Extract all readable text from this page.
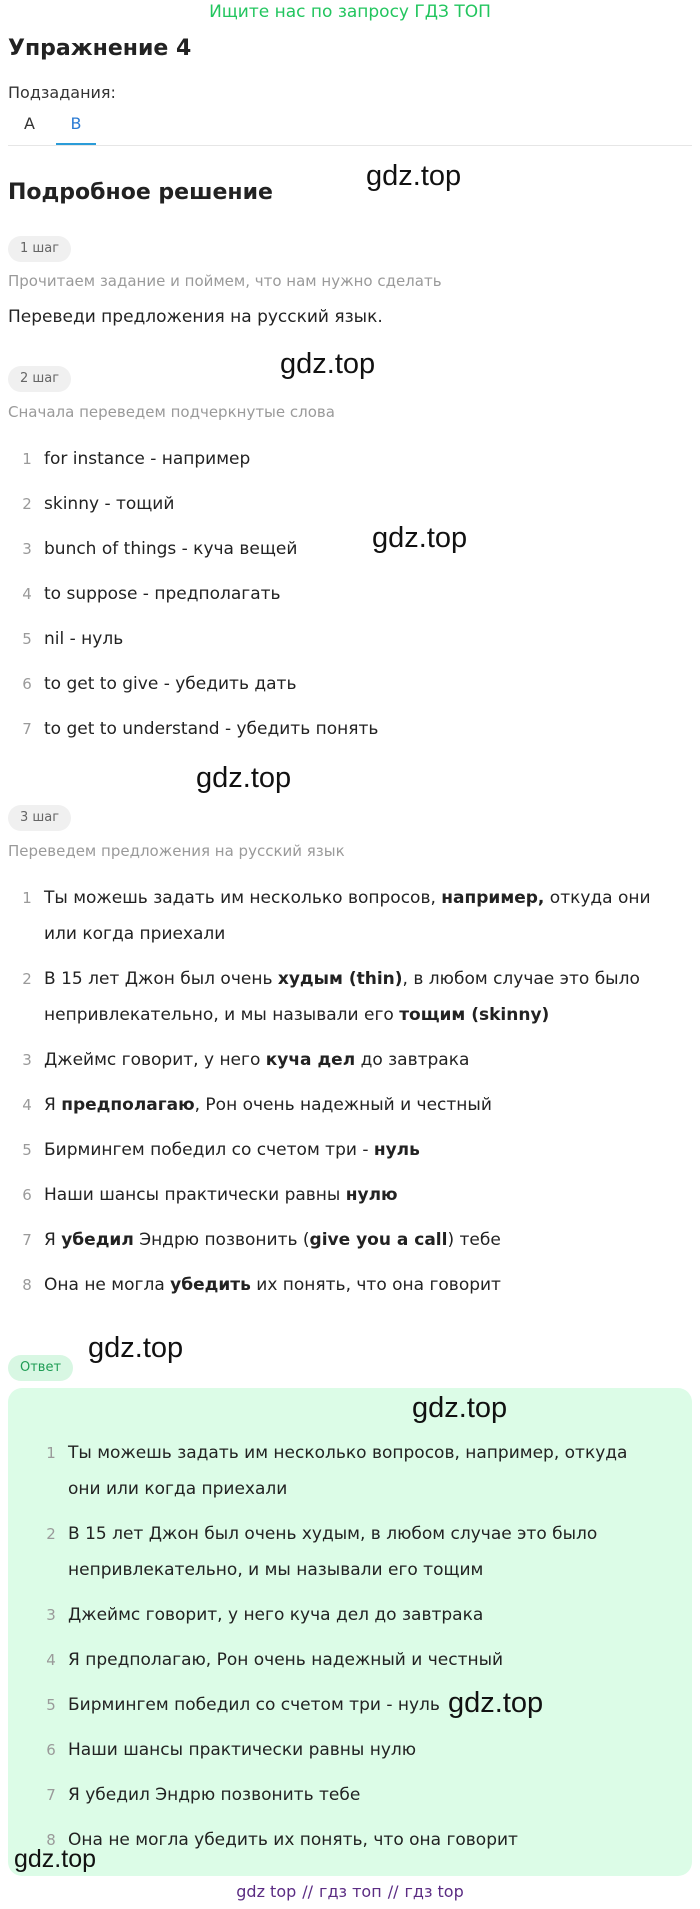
Ищите нас по запросу ГДЗ ТОП
Упражнение 4
Подзадания:
A	B
Подробное решение
1 шаг
Прочитаем задание и поймем, что нам нужно сделать
Переведи предложения на русский язык.
2 шаг
Сначала переведем подчеркнутые слова
1 for instance - например
2 skinny - тощий
3 bunch of things - куча вещей
4 to suppose - предполагать
5 nil - нуль
6 to get to give - убедить дать
7 to get to understand - убедить понять
3 шаг
Переведем предложения на русский язык
1 Ты можешь задать им несколько вопросов, например, откуда они или когда приехали
2 В 15 лет Джон был очень худым (thin), в любом случае это было непривлекательно, и мы называли его тощим (skinny)
3 Джеймс говорит, у него куча дел до завтрака
4 Я предполагаю, Рон очень надежный и честный
5 Бирмингем победил со счетом три - нуль
6 Наши шансы практически равны нулю
7 Я убедил Эндрю позвонить (give you a call) тебе
8 Она не могла убедить их понять, что она говорит
Ответ
1 Ты можешь задать им несколько вопросов, например, откуда они или когда приехали
2 В 15 лет Джон был очень худым, в любом случае это было непривлекательно, и мы называли его тощим
3 Джеймс говорит, у него куча дел до завтрака
4 Я предполагаю, Рон очень надежный и честный
5 Бирмингем победил со счетом три - нуль
6 Наши шансы практически равны нулю
7 Я убедил Эндрю позвонить тебе
8 Она не могла убедить их понять, что она говорит
gdz.top
gdz.top
gdz.top
gdz.top
gdz.top
gdz.top
gdz.top
gdz.top
gdz top // гдз топ // гдз top
